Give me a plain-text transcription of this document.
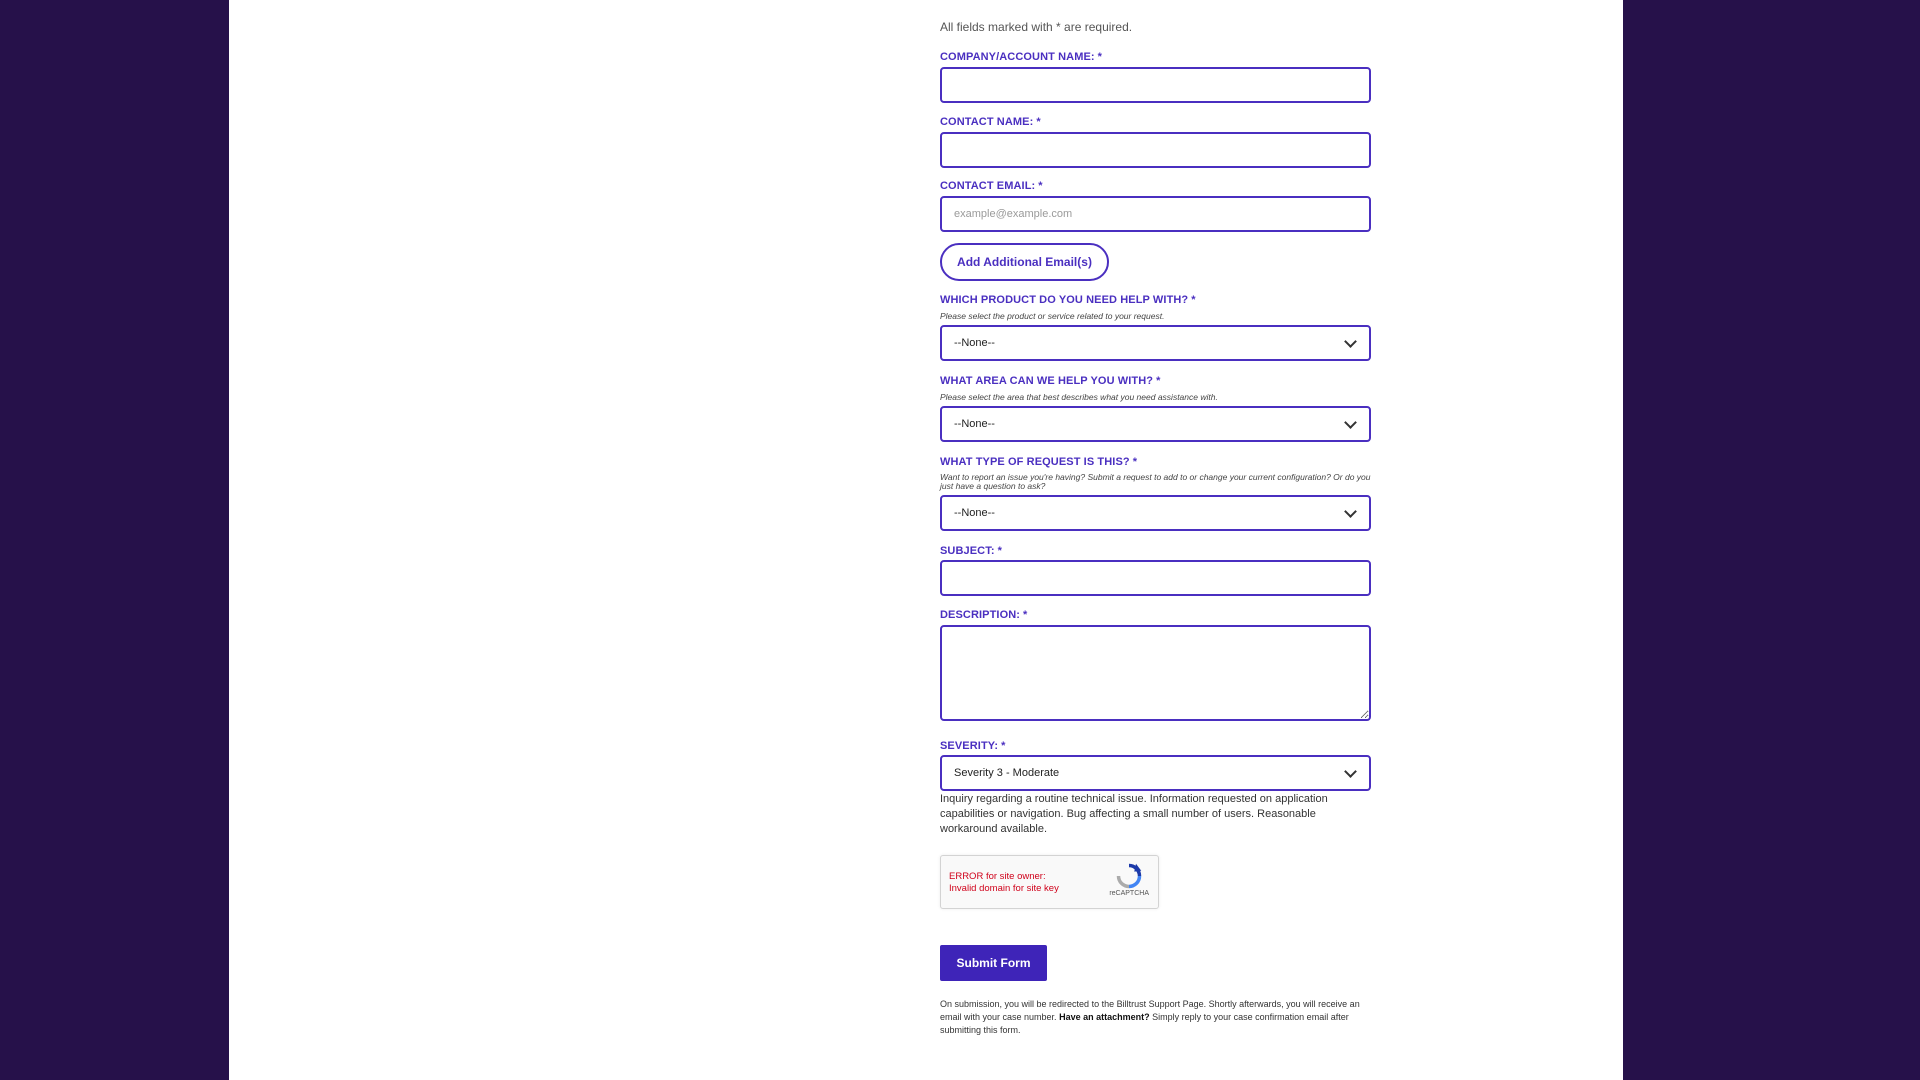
All fields marked with * are required.
COMPANY/ACCOUNT NAME: *
CONTACT NAME: *
CONTACT EMAIL: *
example@example.com
Add Additional Email(s)
WHICH PRODUCT DO YOU NEED HELP WITH? *
Please select the product or service related to your request.
--None--
WHAT AREA CAN WE HELP YOU WITH? *
Please select the area that best describes what you need assistance with.
--None--
WHAT TYPE OF REQUEST IS THIS? *
Want to report an issue you're having? Submit a request to add to or change your current configuration? Or do you just have a question to ask?
--None--
SUBJECT: *
DESCRIPTION: *
SEVERITY: *
Severity 3 - Moderate
Inquiry regarding a routine technical issue. Information requested on application capabilities or navigation. Bug affecting a small number of users. Reasonable workaround available.
ERROR for site owner:
Invalid domain for site key	reCAPTCHA
Submit Form
On submission, you will be redirected to the Billtrust Support Page. Shortly afterwards, you will receive an email with your case number. Have an attachment? Simply reply to your case confirmation email after submitting this form.
